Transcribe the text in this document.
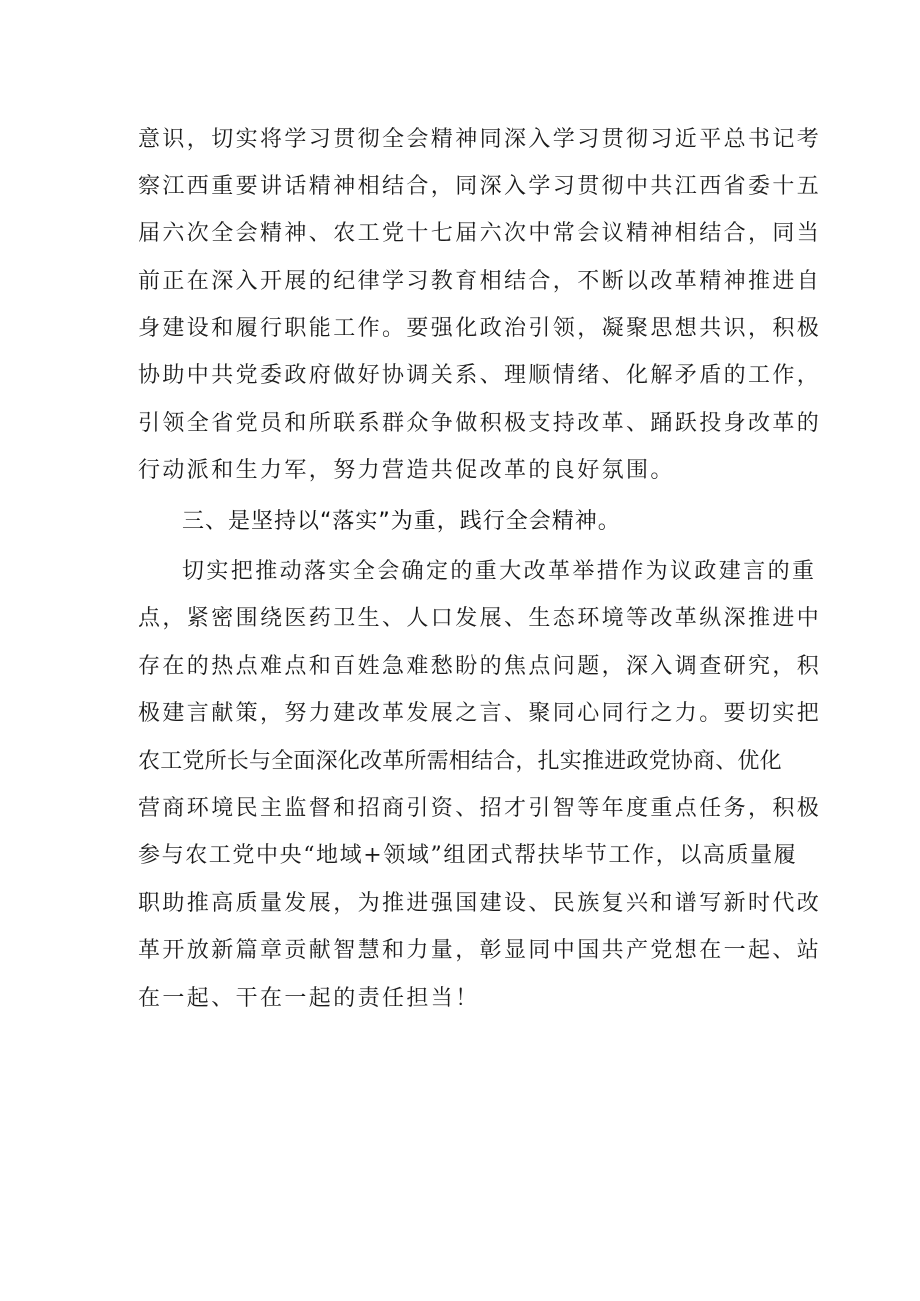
意识，切实将学习贯彻全会精神同深入学习贯彻习近平总书记考
察江西重要讲话精神相结合，同深入学习贯彻中共江西省委十五
届六次全会精神、农工党十七届六次中常会议精神相结合，同当
前正在深入开展的纪律学习教育相结合，不断以改革精神推进自
身建设和履行职能工作。要强化政治引领，凝聚思想共识，积极
协助中共党委政府做好协调关系、理顺情绪、化解矛盾的工作，
引领全省党员和所联系群众争做积极支持改革、踊跃投身改革的
行动派和生力军，努力营造共促改革的良好氛围。
三、是坚持以“落实”为重，践行全会精神。
切实把推动落实全会确定的重大改革举措作为议政建言的重
点，紧密围绕医药卫生、人口发展、生态环境等改革纵深推进中
存在的热点难点和百姓急难愁盼的焦点问题，深入调查研究，积
极建言献策，努力建改革发展之言、聚同心同行之力。要切实把
农工党所长与全面深化改革所需相结合，扎实推进政党协商、优化
营商环境民主监督和招商引资、招才引智等年度重点任务，积极
参与农工党中央“地域+领域”组团式帮扶毕节工作，以高质量履
职助推高质量发展，为推进强国建设、民族复兴和谱写新时代改
革开放新篇章贡献智慧和力量，彰显同中国共产党想在一起、站
在一起、干在一起的责任担当！
